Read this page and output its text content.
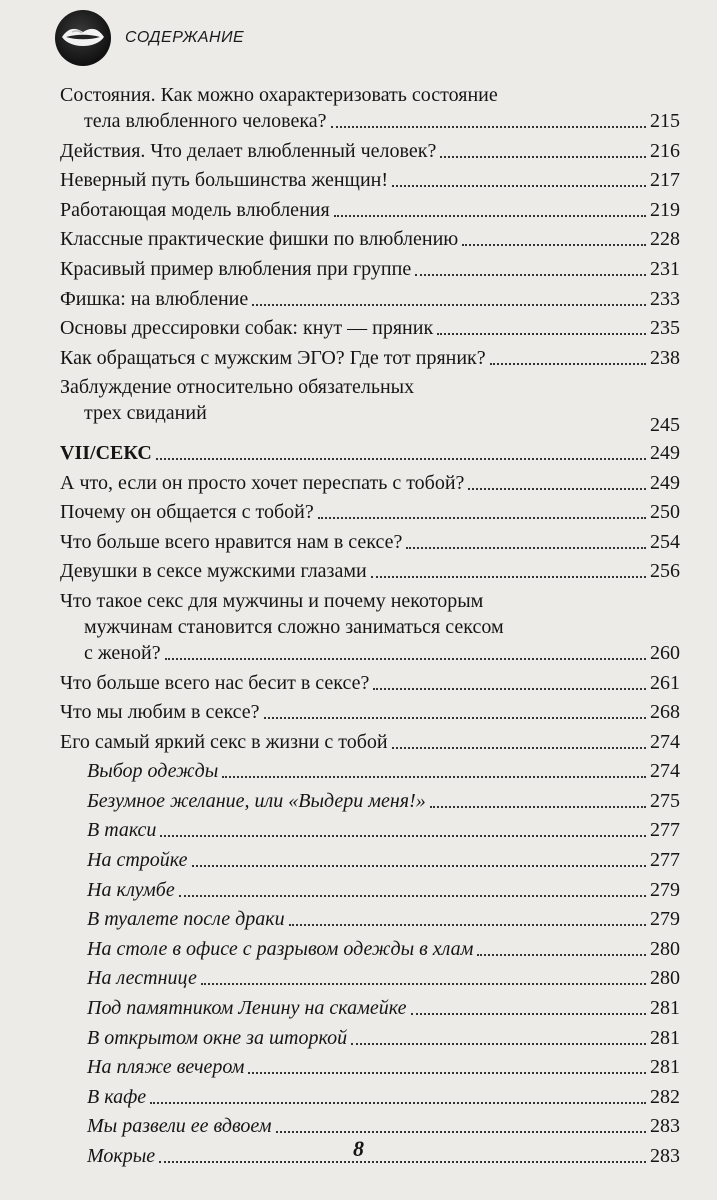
СОДЕРЖАНИЕ
Состояния. Как можно охарактеризовать состояние
тела влюбленного человека?	215
Действия. Что делает влюбленный человек?	216
Неверный путь большинства женщин!	217
Работающая модель влюбления	219
Классные практические фишки по влюблению	228
Красивый пример влюбления при группе	231
Фишка: на влюбление	233
Основы дрессировки собак: кнут — пряник	235
Как обращаться с мужским ЭГО? Где тот пряник?	238
Заблуждение относительно обязательных
трех свиданий
245
VII/СЕКС	249
А что, если он просто хочет переспать с тобой?	249
Почему он общается с тобой?	250
Что больше всего нравится нам в сексе?	254
Девушки в сексе мужскими глазами	256
Что такое секс для мужчины и почему некоторым
мужчинам становится сложно заниматься сексом
с женой?	260
Что больше всего нас бесит в сексе?	261
Что мы любим в сексе?	268
Его самый яркий секс в жизни с тобой	274
Выбор одежды	274
Безумное желание, или «Выдери меня!»	275
В такси	277
На стройке	277
На клумбе	279
В туалете после драки	279
На столе в офисе с разрывом одежды в хлам	280
На лестнице	280
Под памятником Ленину на скамейке	281
В открытом окне за шторкой	281
На пляже вечером	281
В кафе	282
Мы развели ее вдвоем	283
Мокрые	283
8
